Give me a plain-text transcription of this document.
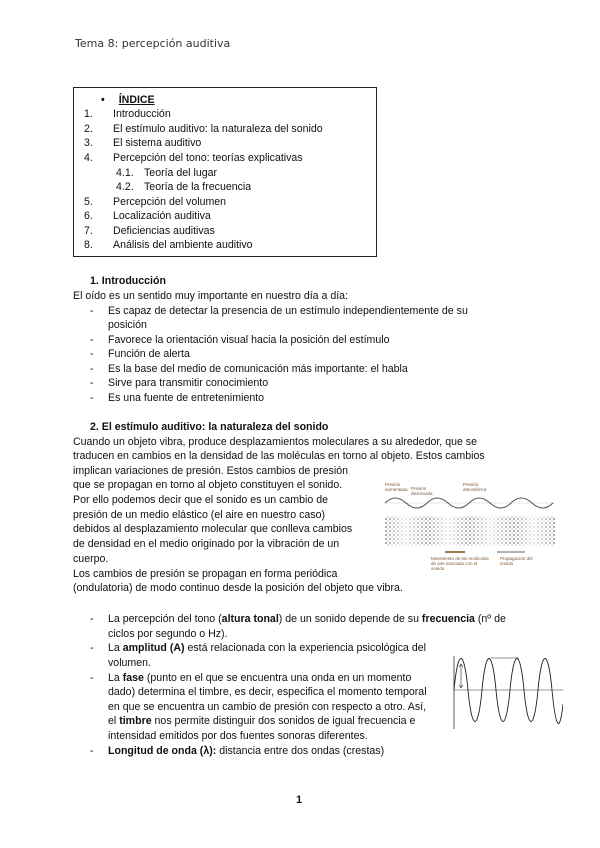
Tema 8: percepción auditiva
• ÍNDICE
1. Introducción
2. El estímulo auditivo: la naturaleza del sonido
3. El sistema auditivo
4. Percepción del tono: teorías explicativas
4.1. Teoría del lugar
4.2. Teoría de la frecuencia
5. Percepción del volumen
6. Localización auditiva
7. Deficiencias auditivas
8. Análisis del ambiente auditivo
1. Introducción
El oído es un sentido muy importante en nuestro día a día:
- Es capaz de detectar la presencia de un estímulo independientemente de su
posición
- Favorece la orientación visual hacia la posición del estímulo
- Función de alerta
- Es la base del medio de comunicación más importante: el habla
- Sirve para transmitir conocimiento
- Es una fuente de entretenimiento
2. El estímulo auditivo: la naturaleza del sonido
Cuando un objeto vibra, produce desplazamientos moleculares a su alrededor, que se
traducen en cambios en la densidad de las moléculas en torno al objeto. Estos cambios
implican variaciones de presión. Estos cambios de presión
que se propagan en torno al objeto constituyen el sonido.
Por ello podemos decir que el sonido es un cambio de
presión de un medio elástico (el aire en nuestro caso)
debidos al desplazamiento molecular que conlleva cambios
de densidad en el medio originado por la vibración de un
cuerpo.
Los cambios de presión se propagan en forma periódica
(ondulatoria) de modo continuo desde la posición del objeto que vibra.
Presión aumentada Presión disminuida
Presión atmosférica
Movimiento de las moléculas de aire asociado con el sonido
Propagación del sonido
- La percepción del tono (altura tonal) de un sonido depende de su frecuencia (nº de
ciclos por segundo o Hz).
- La amplitud (A) está relacionada con la experiencia psicológica del
volumen.
- La fase (punto en el que se encuentra una onda en un momento
dado) determina el timbre, es decir, especifica el momento temporal
en que se encuentra un cambio de presión con respecto a otro. Así,
el timbre nos permite distinguir dos sonidos de igual frecuencia e
intensidad emitidos por dos fuentes sonoras diferentes.
- Longitud de onda (λ): distancia entre dos ondas (crestas)
1
